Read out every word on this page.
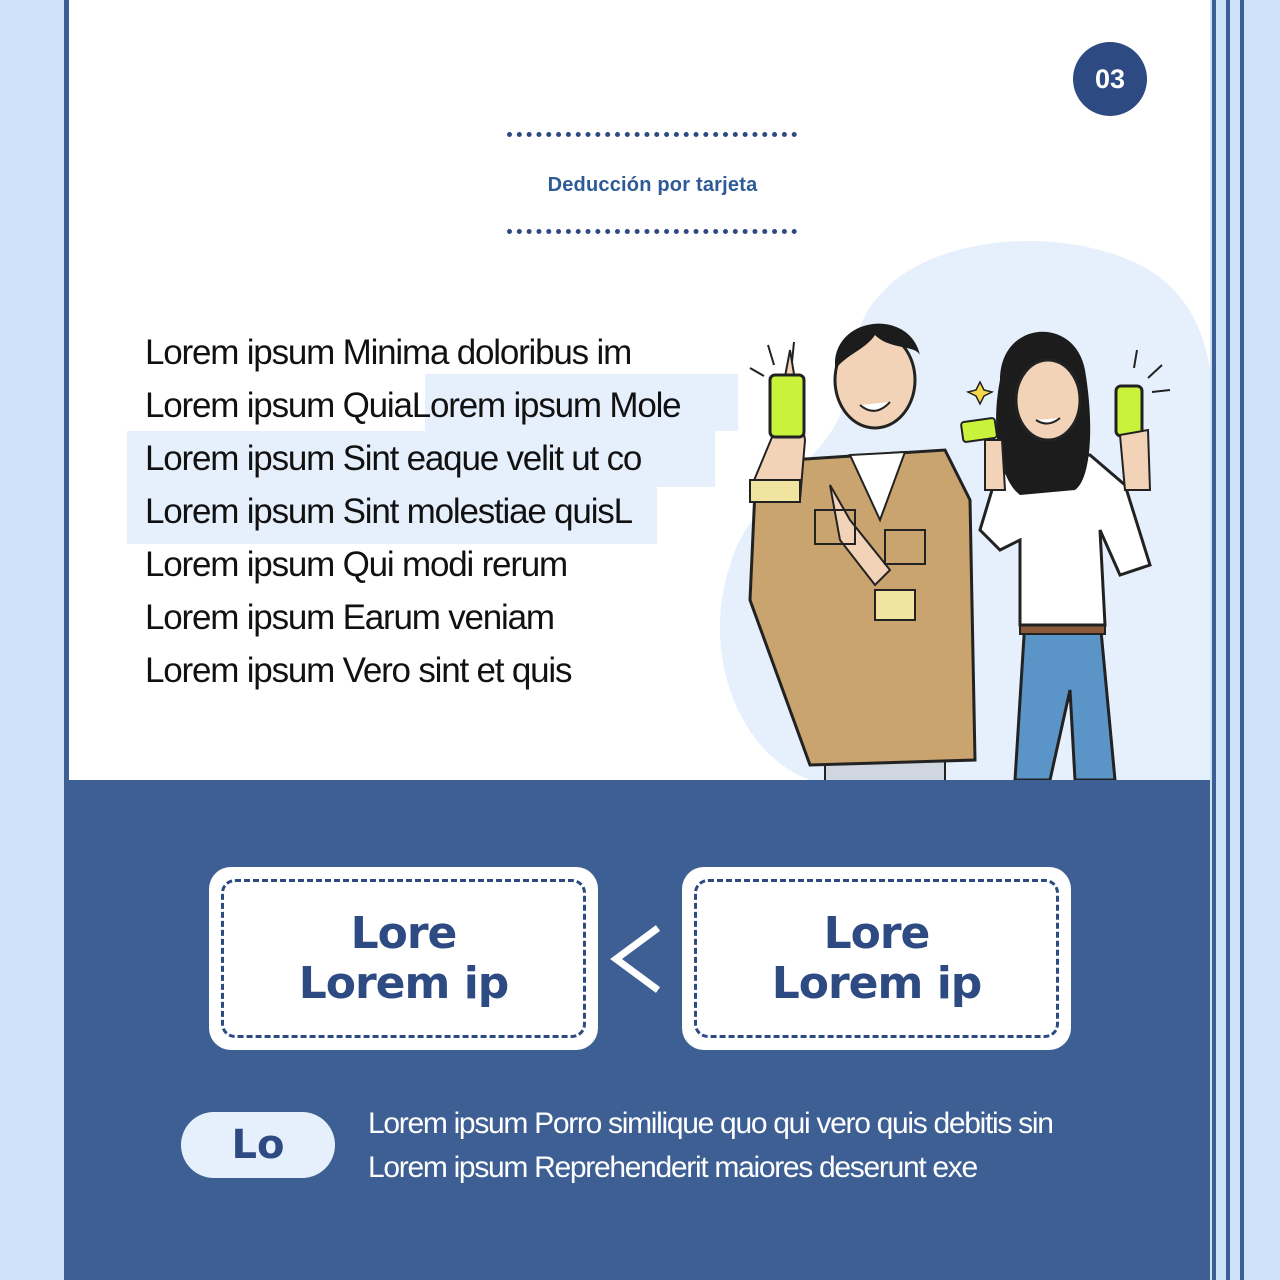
03
Deducción por tarjeta
Lorem ipsum Minima doloribus im
Lorem ipsum QuiaLorem ipsum Mole
Lorem ipsum Sint eaque velit ut co
Lorem ipsum Sint molestiae quisL
Lorem ipsum Qui modi rerum
Lorem ipsum Earum veniam
Lorem ipsum Vero sint et quis
Lore
Lorem ip
Lore
Lorem ip
Lo	Lorem ipsum Porro similique quo qui vero quis debitis sin
Lorem ipsum Reprehenderit maiores deserunt exe
